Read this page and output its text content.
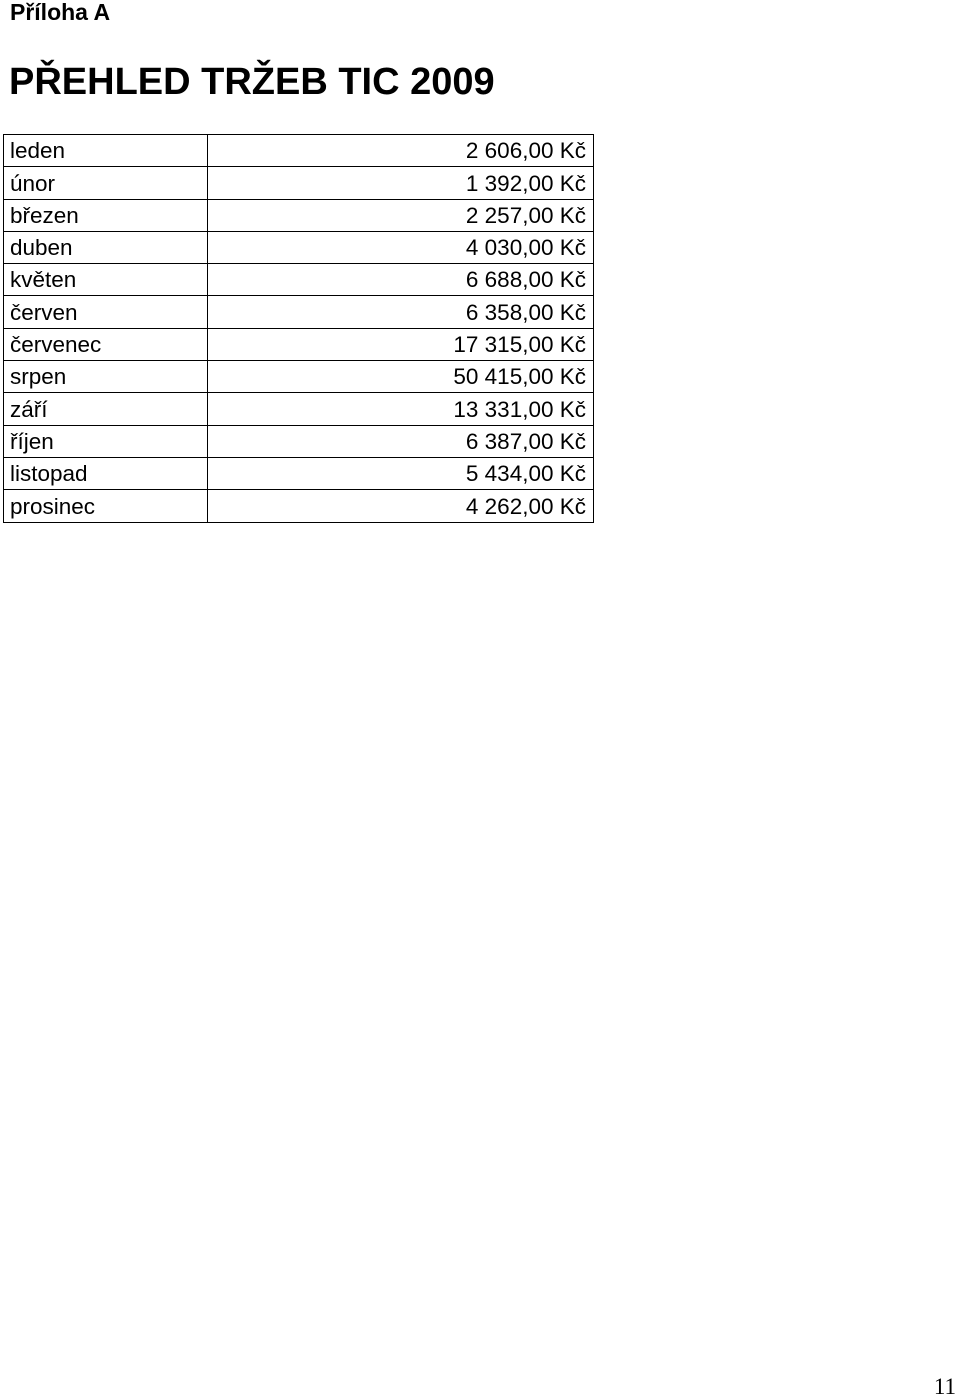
Příloha A
PŘEHLED TRŽEB TIC 2009
leden	2 606,00 Kč
únor	1 392,00 Kč
březen	2 257,00 Kč
duben	4 030,00 Kč
květen	6 688,00 Kč
červen	6 358,00 Kč
červenec	17 315,00 Kč
srpen	50 415,00 Kč
září	13 331,00 Kč
říjen	6 387,00 Kč
listopad	5 434,00 Kč
prosinec	4 262,00 Kč
11
